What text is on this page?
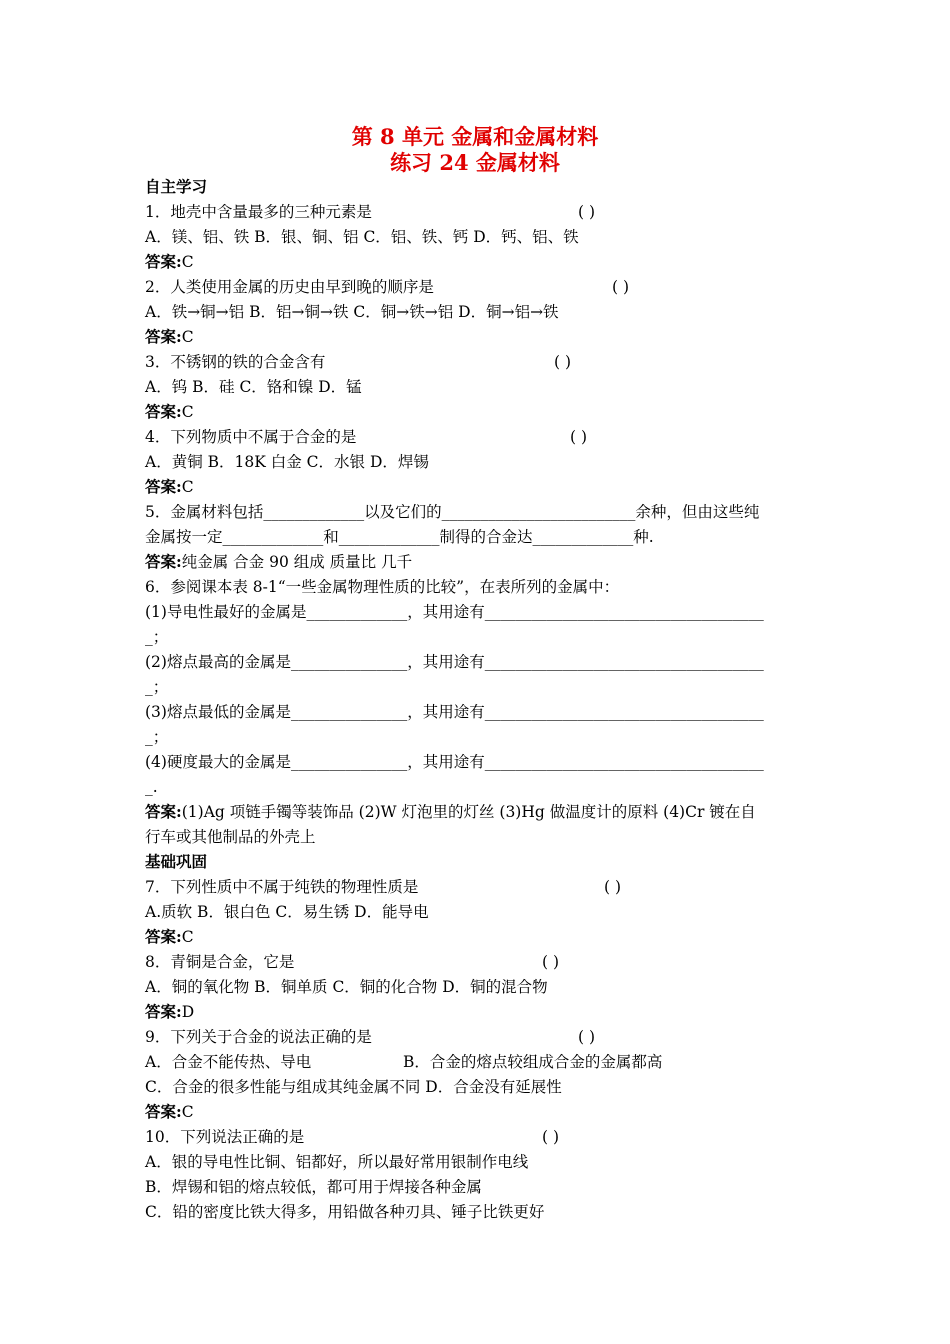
第 8 单元 金属和金属材料
练习 24 金属材料
自主学习
1．地壳中含量最多的三种元素是	( )
A．镁、铝、铁 B．银、铜、铝 C．铝、铁、钙 D．钙、铝、铁
答案:C
2．人类使用金属的历史由早到晚的顺序是	( )
A．铁→铜→铝 B．铝→铜→铁 C．铜→铁→铝 D．铜→铝→铁
答案:C
3．不锈钢的铁的合金含有	( )
A．钨 B．硅 C．铬和镍 D．锰
答案:C
4．下列物质中不属于合金的是	( )
A．黄铜 B．18K 白金 C．水银 D．焊锡
答案:C
5．金属材料包括_____________以及它们的_________________________余种，但由这些纯
金属按一定_____________和_____________制得的合金达_____________种.
答案:纯金属 合金 90 组成 质量比 几千
6．参阅课本表 8-1“一些金属物理性质的比较”，在表所列的金属中：
(1)导电性最好的金属是_____________，其用途有____________________________________
_；
(2)熔点最高的金属是_______________，其用途有____________________________________
_；
(3)熔点最低的金属是_______________，其用途有____________________________________
_；
(4)硬度最大的金属是_______________，其用途有____________________________________
_.
答案:(1)Ag 项链手镯等装饰品 (2)W 灯泡里的灯丝 (3)Hg 做温度计的原料 (4)Cr 镀在自
行车或其他制品的外壳上
基础巩固
7．下列性质中不属于纯铁的物理性质是	( )
A.质软 B．银白色 C．易生锈 D．能导电
答案:C
8．青铜是合金，它是	( )
A．铜的氧化物 B．铜单质 C．铜的化合物 D．铜的混合物
答案:D
9．下列关于合金的说法正确的是	( )
A．合金不能传热、导电	B．合金的熔点较组成合金的金属都高
C．合金的很多性能与组成其纯金属不同 D．合金没有延展性
答案:C
10．下列说法正确的是	( )
A．银的导电性比铜、铝都好，所以最好常用银制作电线
B．焊锡和铝的熔点较低，都可用于焊接各种金属
C．铅的密度比铁大得多，用铅做各种刃具、锤子比铁更好
